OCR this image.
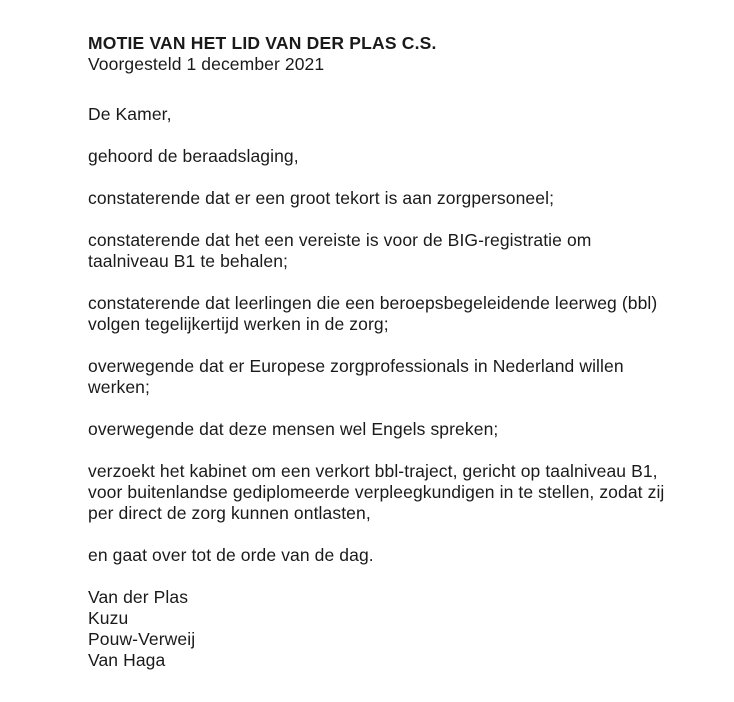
MOTIE VAN HET LID VAN DER PLAS C.S.

Voorgesteld 1 december 2021

De Kamer,

gehoord de beraadslaging,

constaterende dat er een groot tekort is aan zorgpersoneel;

constaterende dat het een vereiste is voor de BIG-registratie om
taalniveau B1 te behalen;

constaterende dat leerlingen die een beroepsbegeleidende leerweg (bbl)
volgen tegelijkertijd werken in de zorg;

overwegende dat er Europese zorgprofessionals in Nederland willen
werken;

overwegende dat deze mensen wel Engels spreken;

verzoekt het kabinet om een verkort bbl-traject, gericht op taalniveau B1,
voor buitenlandse gediplomeerde verpleegkundigen in te stellen, zodat zij
per direct de zorg kunnen ontlasten,

en gaat over tot de orde van de dag.

Van der Plas

Kuzu

Pouw-Verweij

Van Haga
